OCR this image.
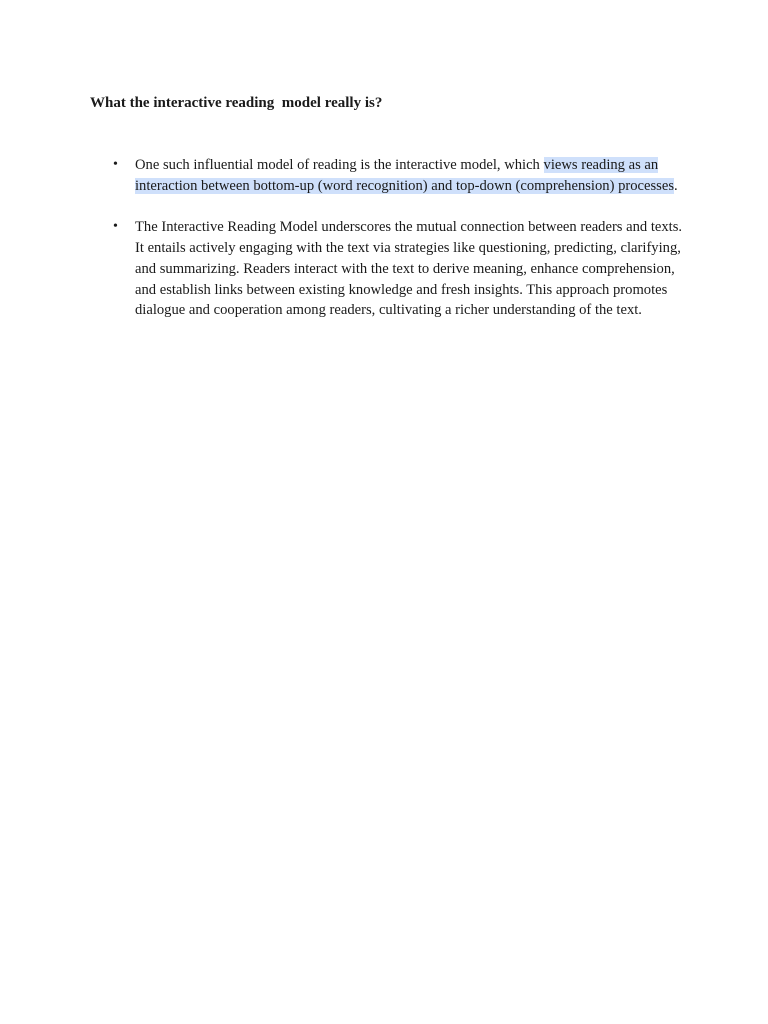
What the interactive reading  model really is?
• One such influential model of reading is the interactive model, which views reading as an interaction between bottom-up (word recognition) and top-down (comprehension) processes.

• The Interactive Reading Model underscores the mutual connection between readers and texts. It entails actively engaging with the text via strategies like questioning, predicting, clarifying, and summarizing. Readers interact with the text to derive meaning, enhance comprehension, and establish links between existing knowledge and fresh insights. This approach promotes dialogue and cooperation among readers, cultivating a richer understanding of the text.
